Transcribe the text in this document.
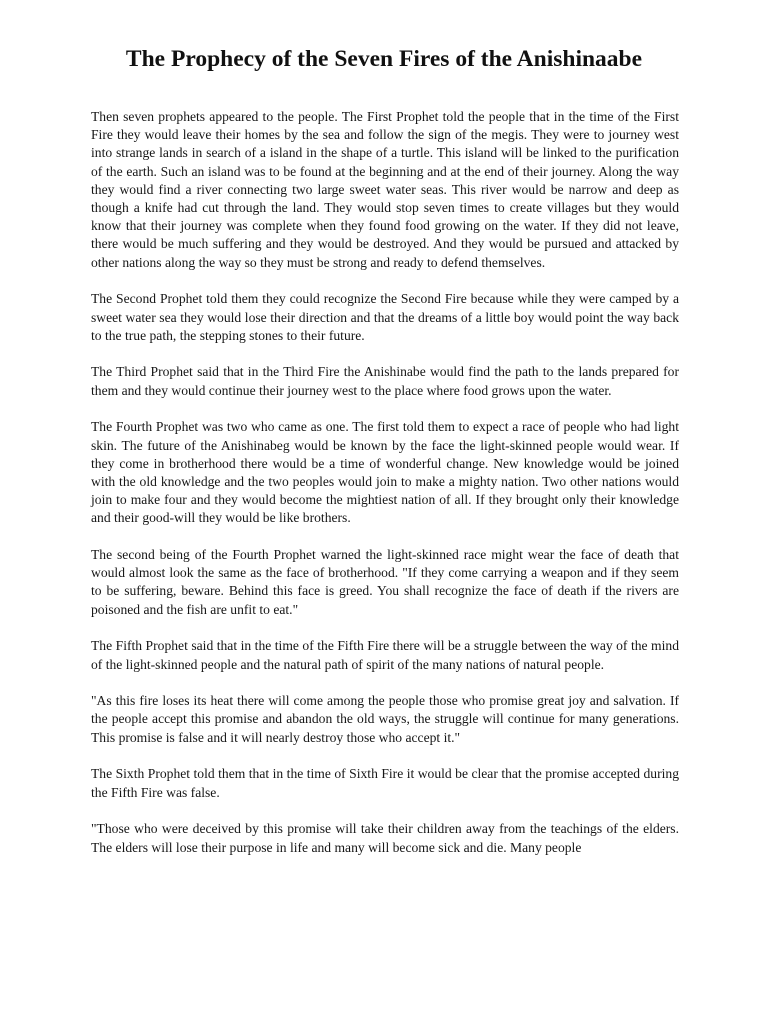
The Prophecy of the Seven Fires of the Anishinaabe

Then seven prophets appeared to the people. The First Prophet told the people that in the time of the First Fire they would leave their homes by the sea and follow the sign of the megis. They were to journey west into strange lands in search of a island in the shape of a turtle. This island will be linked to the purification of the earth. Such an island was to be found at the beginning and at the end of their journey. Along the way they would find a river connecting two large sweet water seas. This river would be narrow and deep as though a knife had cut through the land. They would stop seven times to create villages but they would know that their journey was complete when they found food growing on the water. If they did not leave, there would be much suffering and they would be destroyed. And they would be pursued and attacked by other nations along the way so they must be strong and ready to defend themselves.

The Second Prophet told them they could recognize the Second Fire because while they were camped by a sweet water sea they would lose their direction and that the dreams of a little boy would point the way back to the true path, the stepping stones to their future.

The Third Prophet said that in the Third Fire the Anishinabe would find the path to the lands prepared for them and they would continue their journey west to the place where food grows upon the water.

The Fourth Prophet was two who came as one. The first told them to expect a race of people who had light skin. The future of the Anishinabeg would be known by the face the light-skinned people would wear. If they come in brotherhood there would be a time of wonderful change. New knowledge would be joined with the old knowledge and the two peoples would join to make a mighty nation. Two other nations would join to make four and they would become the mightiest nation of all. If they brought only their knowledge and their good-will they would be like brothers.

The second being of the Fourth Prophet warned the light-skinned race might wear the face of death that would almost look the same as the face of brotherhood. "If they come carrying a weapon and if they seem to be suffering, beware. Behind this face is greed. You shall recognize the face of death if the rivers are poisoned and the fish are unfit to eat."

The Fifth Prophet said that in the time of the Fifth Fire there will be a struggle between the way of the mind of the light-skinned people and the natural path of spirit of the many nations of natural people.

"As this fire loses its heat there will come among the people those who promise great joy and salvation. If the people accept this promise and abandon the old ways, the struggle will continue for many generations. This promise is false and it will nearly destroy those who accept it."

The Sixth Prophet told them that in the time of Sixth Fire it would be clear that the promise accepted during the Fifth Fire was false.

"Those who were deceived by this promise will take their children away from the teachings of the elders. The elders will lose their purpose in life and many will become sick and die. Many people
